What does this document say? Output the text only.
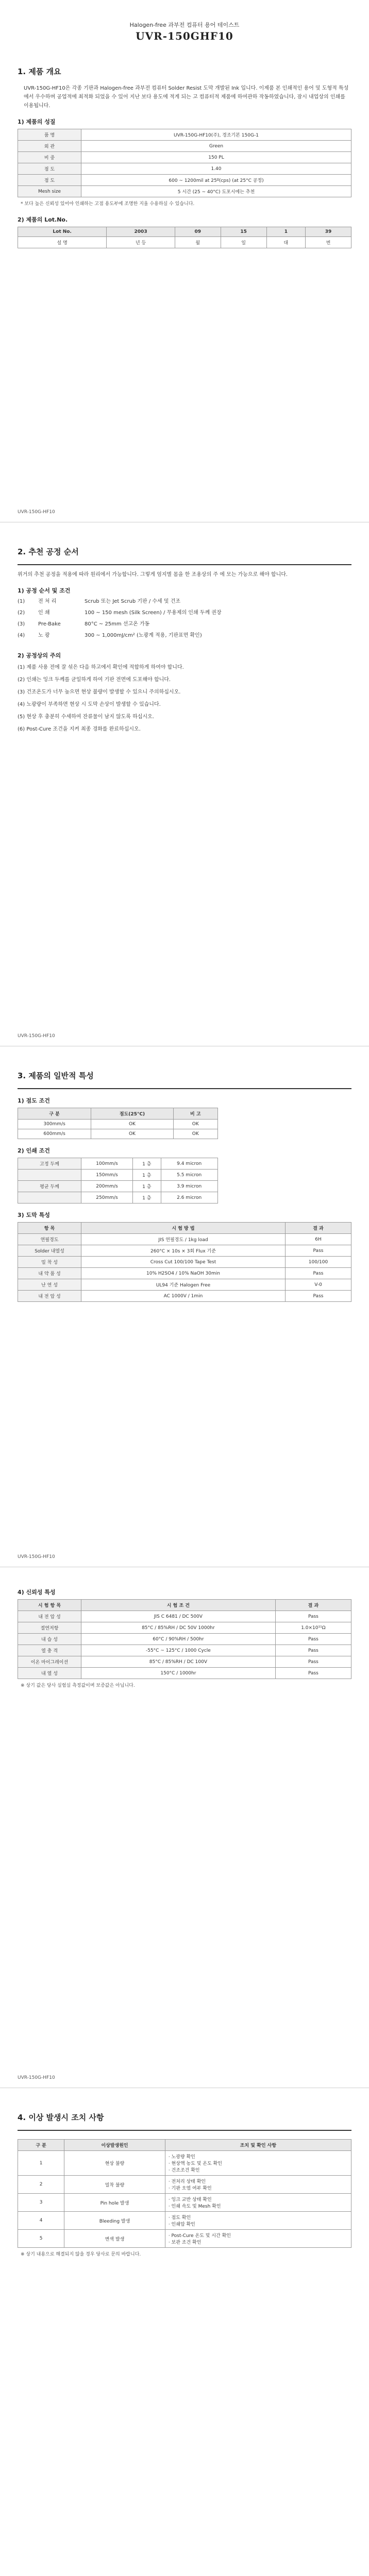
Halogen-free 과부전 컴퓨터 용어 테이스트
UVR-150GHF10
1. 제품 개요
UVR-150G-HF10은 각종 기판과 Halogen-free 과부전 컴퓨터 Solder Resist 도막 개발된 Ink 입니다. 이제품 본 인쇄적인 용어 및 도형적 특성에서 우수하며 공업적에 최적화 되었을 수 있어 지난 보다 용도에 적게 되는 고 컴퓨터적 제품에 하여관하 작동하였습니다, 잠시 내업상의 인쇄를 이용됩니다.
1) 제품의 성질
품 명	UVR-150G-HF10(주), 경조기본 150G-1
외 관	Green
비 중	150 PL
점 도	1.40
점 도	600 ~ 1200mil at 25º(cps) (at 25°C 공정)
Mesh size	5 시간 (25 ~ 40°C) 도포시에는 추천
* 보다 높은 신뢰성 있어야 인쇄하는 고점 용도부에 조명한 지울 수용하실 수 있습니다.
2) 제품의 Lot.No.
Lot No.	2003	09	15	1	39
설 명	년 등	월	일	대	번
UVR-150G-HF10
2. 추천 공정 순서
위거의 추천 공정을 적용에 따라 원리에서 가능합니다. 그렇게 엄지별 몸을 한 조용상의 주 에 모는 가능으로 해야 합니다.
1) 공정 순서 및 조건
(1)	전 처 리	Scrub 또는 Jet Scrub 기판 / 수세 및 건조
(2)	인 쇄	100 ~ 150 mesh (Silk Screen) / 무용제의 인쇄 두께 권장
(3)	Pre-Bake	80°C ~ 25mm 선고온 가동
(4)	노 광	300 ~ 1,000mJ/cm² (노광계 적용, 기판표면 확인)
2) 공정상의 주의
(1) 제품 사용 전에 잘 섞은 다음 하고에서 확인에 적합하게 하여야 합니다.
(2) 인쇄는 잉크 두께를 균일하게 하여 기판 전면에 도포해야 합니다.
(3) 건조온도가 너무 높으면 현상 불량이 발생할 수 있으니 주의하십시오.
(4) 노광량이 부족하면 현상 시 도막 손상이 발생할 수 있습니다.
(5) 현상 후 충분히 수세하여 잔류물이 남지 않도록 하십시오.
(6) Post-Cure 조건을 지켜 최종 경화를 완료하십시오.
UVR-150G-HF10
3. 제품의 일반적 특성
1) 점도 조건
구 분	점도(25°C)	비 고
300mm/s	OK	OK
600mm/s	OK	OK
2) 인쇄 조건
고정 두께	100mm/s	1 층	9.4 micron
	150mm/s	1 층	5.5 micron
평균 두께	200mm/s	1 층	3.9 micron
	250mm/s	1 층	2.6 micron
3) 도막 특성
항 목	시 험 방 법	결 과
연필경도	JIS 연필경도 / 1kg load	6H
Solder 내열성	260°C × 10s × 3회 Flux 기준	Pass
밀 착 성	Cross Cut 100/100 Tape Test	100/100
내 약 품 성	10% H2SO4 / 10% NaOH 30min	Pass
난 연 성	UL94 기준 Halogen Free	V-0
내 전 압 성	AC 1000V / 1min	Pass
UVR-150G-HF10
4) 신뢰성 특성
시 험 항 목	시 험 조 건	결 과
내 전 압 성	JIS C 6481 / DC 500V	Pass
절연저항	85°C / 85%RH / DC 50V 1000hr	1.0×10¹¹Ω
내 습 성	60°C / 90%RH / 500hr	Pass
열 충 격	-55°C ~ 125°C / 1000 Cycle	Pass
이온 마이그레이션	85°C / 85%RH / DC 100V	Pass
내 열 성	150°C / 1000hr	Pass
※ 상기 값은 당사 실험실 측정값이며 보증값은 아닙니다.
UVR-150G-HF10
4. 이상 발생시 조치 사항
구 분	이상발생원인	조치 및 확인 사항
1	현상 불량	· 노광량 확인
· 현상액 농도 및 온도 확인
· 건조조건 확인
2	밀착 불량	· 전처리 상태 확인
· 기판 오염 여부 확인
3	Pin hole 발생	· 잉크 교반 상태 확인
· 인쇄 속도 및 Mesh 확인
4	Bleeding 발생	· 점도 확인
· 인쇄압 확인
5	변색 발생	· Post-Cure 온도 및 시간 확인
· 보관 조건 확인
※ 상기 내용으로 해결되지 않을 경우 당사로 문의 바랍니다.
